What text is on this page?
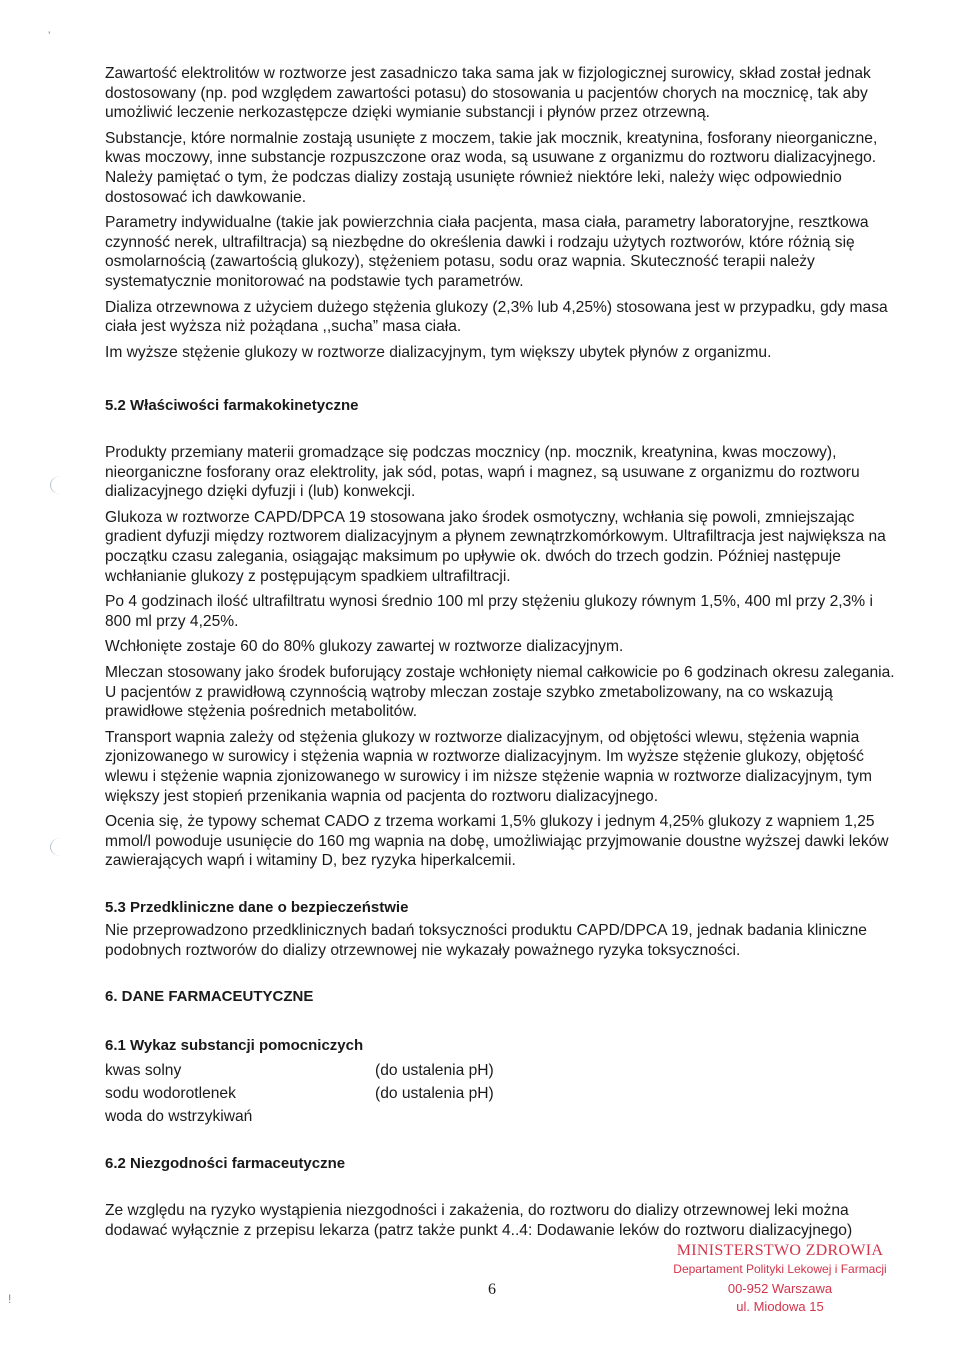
’

Zawartość elektrolitów w roztworze jest zasadniczo taka sama jak w fizjologicznej surowicy, skład został jednak dostosowany (np. pod względem zawartości potasu) do stosowania u pacjentów chorych na mocznicę, tak aby umożliwić leczenie nerkozastępcze dzięki wymianie substancji i płynów przez otrzewną.

Substancje, które normalnie zostają usunięte z moczem, takie jak mocznik, kreatynina, fosforany nieorganiczne, kwas moczowy, inne substancje rozpuszczone oraz woda, są usuwane z organizmu do roztworu dializacyjnego. Należy pamiętać o tym, że podczas dializy zostają usunięte również niektóre leki, należy więc odpowiednio dostosować ich dawkowanie.

Parametry indywidualne (takie jak powierzchnia ciała pacjenta, masa ciała, parametry laboratoryjne, resztkowa czynność nerek, ultrafiltracja) są niezbędne do określenia dawki i rodzaju użytych roztworów, które różnią się osmolarnością (zawartością glukozy), stężeniem potasu, sodu oraz wapnia. Skuteczność terapii należy systematycznie monitorować na podstawie tych parametrów.

Dializa otrzewnowa z użyciem dużego stężenia glukozy (2,3% lub 4,25%) stosowana jest w przypadku, gdy masa ciała jest wyższa niż pożądana ,,sucha” masa ciała.

Im wyższe stężenie glukozy w roztworze dializacyjnym, tym większy ubytek płynów z organizmu.

5.2 Właściwości farmakokinetyczne

Produkty przemiany materii gromadzące się podczas mocznicy (np. mocznik, kreatynina, kwas moczowy), nieorganiczne fosforany oraz elektrolity, jak sód, potas, wapń i magnez, są usuwane z organizmu do roztworu dializacyjnego dzięki dyfuzji i (lub) konwekcji.

Glukoza w roztworze CAPD/DPCA 19 stosowana jako środek osmotyczny, wchłania się powoli, zmniejszając gradient dyfuzji między roztworem dializacyjnym a płynem zewnątrzkomórkowym. Ultrafiltracja jest największa na początku czasu zalegania, osiągając maksimum po upływie ok. dwóch do trzech godzin. Później następuje wchłanianie glukozy z postępującym spadkiem ultrafiltracji.

Po 4 godzinach ilość ultrafiltratu wynosi średnio 100 ml przy stężeniu glukozy równym 1,5%, 400 ml przy 2,3% i 800 ml przy 4,25%.

Wchłonięte zostaje 60 do 80% glukozy zawartej w roztworze dializacyjnym.

Mleczan stosowany jako środek buforujący zostaje wchłonięty niemal całkowicie po 6 godzinach okresu zalegania. U pacjentów z prawidłową czynnością wątroby mleczan zostaje szybko zmetabolizowany, na co wskazują prawidłowe stężenia pośrednich metabolitów.

Transport wapnia zależy od stężenia glukozy w roztworze dializacyjnym, od objętości wlewu, stężenia wapnia zjonizowanego w surowicy i stężenia wapnia w roztworze dializacyjnym. Im wyższe stężenie glukozy, objętość wlewu i stężenie wapnia zjonizowanego w surowicy i im niższe stężenie wapnia w roztworze dializacyjnym, tym większy jest stopień przenikania wapnia od pacjenta do roztworu dializacyjnego.

Ocenia się, że typowy schemat CADO z trzema workami 1,5% glukozy i jednym 4,25% glukozy z wapniem 1,25 mmol/l powoduje usunięcie do 160 mg wapnia na dobę, umożliwiając przyjmowanie doustne wyższej dawki leków zawierających wapń i witaminy D, bez ryzyka hiperkalcemii.

5.3 Przedkliniczne dane o bezpieczeństwie

Nie przeprowadzono przedklinicznych badań toksyczności produktu CAPD/DPCA 19, jednak badania kliniczne podobnych roztworów do dializy otrzewnowej nie wykazały poważnego ryzyka toksyczności.

6. DANE FARMACEUTYCZNE
6.1 Wykaz substancji pomocniczych
kwas solny	(do ustalenia pH)
sodu wodorotlenek	(do ustalenia pH)
woda do wstrzykiwań
6.2 Niezgodności farmaceutyczne

Ze względu na ryzyko wystąpienia niezgodności i zakażenia, do roztworu do dializy otrzewnowej leki można dodawać wyłącznie z przepisu lekarza (patrz także punkt 4..4: Dodawanie leków do roztworu dializacyjnego)

6
MINISTERSTWO ZDROWIA
Departament Polityki Lekowej i Farmacji
00-952 Warszawa
ul. Miodowa 15
!
